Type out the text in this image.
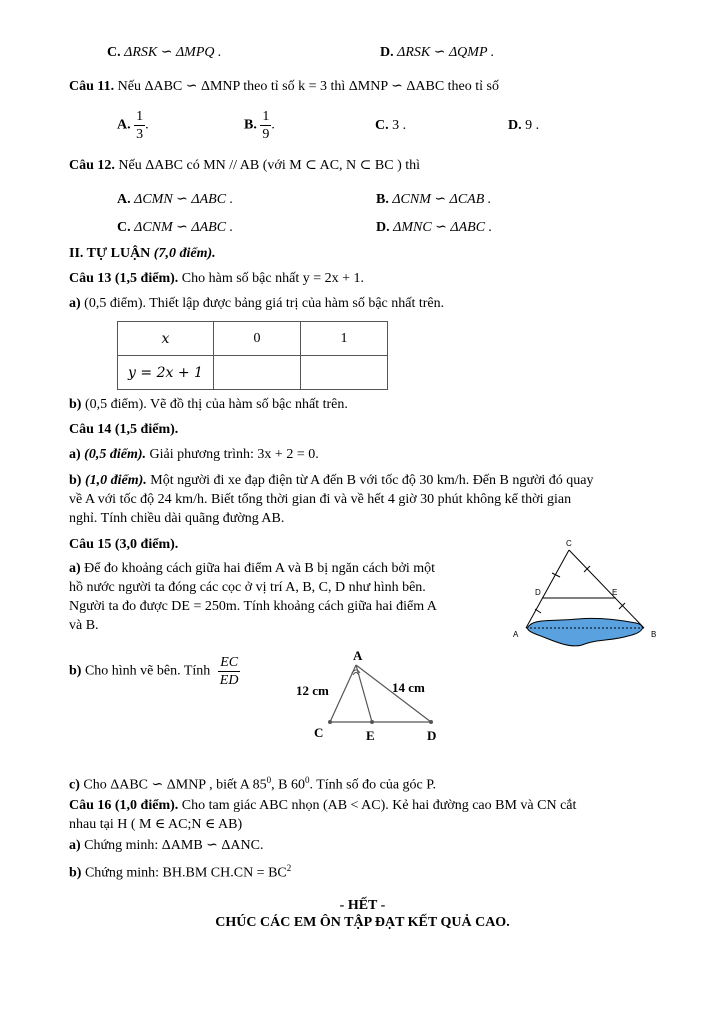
C. ΔRSK ∽ ΔMPQ .	D. ΔRSK ∽ ΔQMP .
Câu 11. Nếu ΔABC ∽ ΔMNP theo tỉ số k = 3 thì ΔMNP ∽ ΔABC theo tỉ số
A. $\frac{1}{3}$ .	B. $\frac{1}{9}$ .	C. 3 .	D. 9 .
Câu 12. Nếu ΔABC có MN // AB (với M ⊂ AC, N ⊂ BC ) thì
A. ΔCMN ∽ ΔABC .	B. ΔCNM ∽ ΔCAB .
C. ΔCNM ∽ ΔABC .	D. ΔMNC ∽ ΔABC .
II. TỰ LUẬN (7,0 điểm).
Câu 13 (1,5 điểm). Cho hàm số bậc nhất y = 2x + 1.
a) (0,5 điểm). Thiết lập được bảng giá trị của hàm số bậc nhất trên.
x	0	1
y = 2x + 1		
b) (0,5 điểm). Vẽ đồ thị của hàm số bậc nhất trên.
Câu 14 (1,5 điểm).
a) (0,5 điểm). Giải phương trình: 3x + 2 = 0.
b) (1,0 điểm). Một người đi xe đạp điện từ A đến B với tốc độ 30 km/h. Đến B người đó quay
về A với tốc độ 24 km/h. Biết tổng thời gian đi và về hết 4 giờ 30 phút không kể thời gian
nghỉ. Tính chiều dài quãng đường AB.
Câu 15 (3,0 điểm).
a) Để đo khoảng cách giữa hai điểm A và B bị ngăn cách bởi một
hồ nước người ta đóng các cọc ở vị trí A, B, C, D như hình bên.
Người ta đo được DE = 250m. Tính khoảng cách giữa hai điểm A
và B.
C
D	E
A	B
b) Cho hình vẽ bên. Tính $\frac{EC}{ED}$	A
C	E	D
12 cm	14 cm
c) Cho ΔABC ∽ ΔMNP , biết A $85^0$, B $60^0$. Tính số đo của góc P.
Câu 16 (1,0 điểm). Cho tam giác ABC nhọn (AB < AC). Kẻ hai đường cao BM và CN cắt
nhau tại H ( M ∈ AC;N ∈ AB)
a) Chứng minh: ΔAMB ∽ ΔANC.
b) Chứng minh: BH.BM $CH.CN = BC^2$
- HẾT -
CHÚC CÁC EM ÔN TẬP ĐẠT KẾT QUẢ CAO.
